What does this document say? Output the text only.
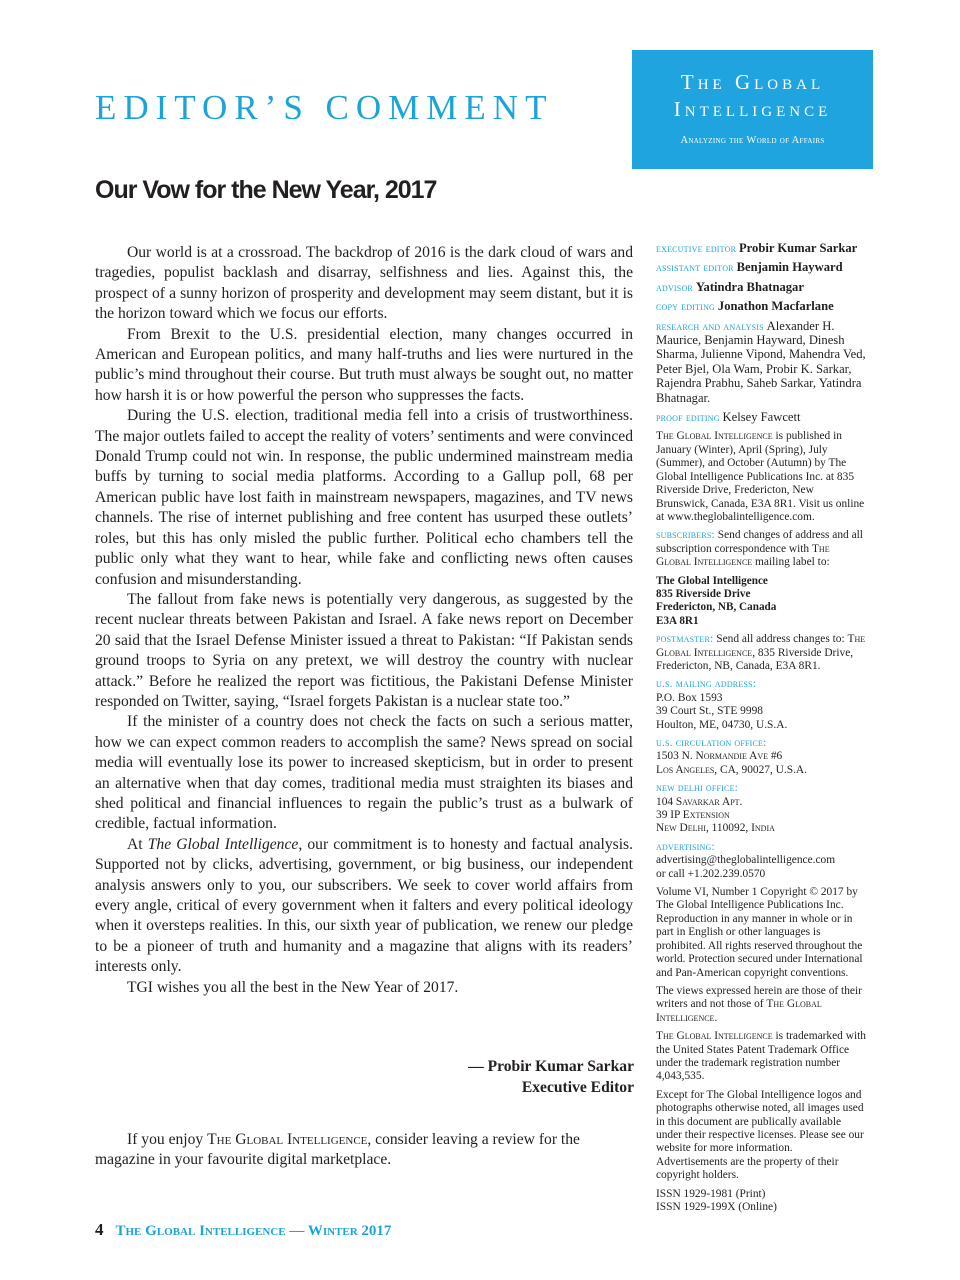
EDITOR’S COMMENT
The Global
Intelligence
Analyzing the World of Affairs
Our Vow for the New Year, 2017

Our world is at a crossroad. The backdrop of 2016 is the dark cloud of wars and tragedies, populist backlash and disarray, selfishness and lies. Against this, the prospect of a sunny horizon of prosperity and development may seem distant, but it is the horizon toward which we focus our efforts.

From Brexit to the U.S. presidential election, many changes occurred in American and European politics, and many half-truths and lies were nurtured in the public’s mind throughout their course. But truth must always be sought out, no matter how harsh it is or how powerful the person who suppresses the facts.

During the U.S. election, traditional media fell into a crisis of trustworthiness. The major outlets failed to accept the reality of voters’ sentiments and were convinced Donald Trump could not win. In response, the public undermined mainstream media buffs by turning to social media platforms. According to a Gallup poll, 68 per American public have lost faith in mainstream newspapers, magazines, and TV news channels. The rise of internet publishing and free content has usurped these outlets’ roles, but this has only misled the public further. Political echo chambers tell the public only what they want to hear, while fake and conflicting news often causes confusion and misunderstanding.

The fallout from fake news is potentially very dangerous, as suggested by the recent nuclear threats between Pakistan and Israel. A fake news report on December 20 said that the Israel Defense Minister issued a threat to Pakistan: “If Pakistan sends ground troops to Syria on any pretext, we will destroy the country with nuclear attack.” Before he realized the report was fictitious, the Pakistani Defense Minister responded on Twitter, saying, “Israel forgets Pakistan is a nuclear state too.”

If the minister of a country does not check the facts on such a serious matter, how we can expect common readers to accomplish the same? News spread on social media will eventually lose its power to increased skepticism, but in order to present an alternative when that day comes, traditional media must straighten its biases and shed political and financial influences to regain the public’s trust as a bulwark of credible, factual information.

At The Global Intelligence, our commitment is to honesty and factual analysis. Supported not by clicks, advertising, government, or big business, our independent analysis answers only to you, our subscribers. We seek to cover world affairs from every angle, critical of every government when it falters and every political ideology when it oversteps realities. In this, our sixth year of publication, we renew our pledge to be a pioneer of truth and humanity and a magazine that aligns with its readers’ interests only.

TGI wishes you all the best in the New Year of 2017.

— Probir Kumar Sarkar
Executive Editor

If you enjoy The Global Intelligence, consider leaving a review for the magazine in your favourite digital marketplace.

executive editor Probir Kumar Sarkar
assistant editor Benjamin Hayward
advisor Yatindra Bhatnagar
copy editing Jonathon Macfarlane
research and analysis Alexander H. Maurice, Benjamin Hayward, Dinesh Sharma, Julienne Vipond, Mahendra Ved, Peter Bjel, Ola Wam, Probir K. Sarkar, Rajendra Prabhu, Saheb Sarkar, Yatindra Bhatnagar.
proof editing Kelsey Fawcett
The Global Intelligence is published in January (Winter), April (Spring), July (Summer), and October (Autumn) by The Global Intelligence Publications Inc. at 835 Riverside Drive, Fredericton, New Brunswick, Canada, E3A 8R1. Visit us online at www.theglobalintelligence.com.
subscribers: Send changes of address and all subscription correspondence with The Global Intelligence mailing label to:
The Global Intelligence
835 Riverside Drive
Fredericton, NB, Canada
E3A 8R1
postmaster: Send all address changes to: The Global Intelligence, 835 Riverside Drive, Fredericton, NB, Canada, E3A 8R1.
u.s. mailing address:
P.O. Box 1593
39 Court St., STE 9998
Houlton, ME, 04730, U.S.A.
u.s. circulation office:
1503 N. Normandie Ave #6
Los Angeles, CA, 90027, U.S.A.
new delhi office:
104 Savarkar Apt.
39 IP Extension
New Delhi, 110092, India
advertising:
advertising@theglobalintelligence.com
or call +1.202.239.0570
Volume VI, Number 1 Copyright © 2017 by The Global Intelligence Publications Inc. Reproduction in any manner in whole or in part in English or other languages is prohibited. All rights reserved throughout the world. Protection secured under International and Pan-American copyright conventions.
The views expressed herein are those of their writers and not those of The Global Intelligence.
The Global Intelligence is trademarked with the United States Patent Trademark Office under the trademark registration number 4,043,535.
Except for The Global Intelligence logos and photographs otherwise noted, all images used in this document are publically available under their respective licenses. Please see our website for more information. Advertisements are the property of their copyright holders.
ISSN 1929-1981 (Print)
ISSN 1929-199X (Online)
4 The Global Intelligence — Winter 2017
